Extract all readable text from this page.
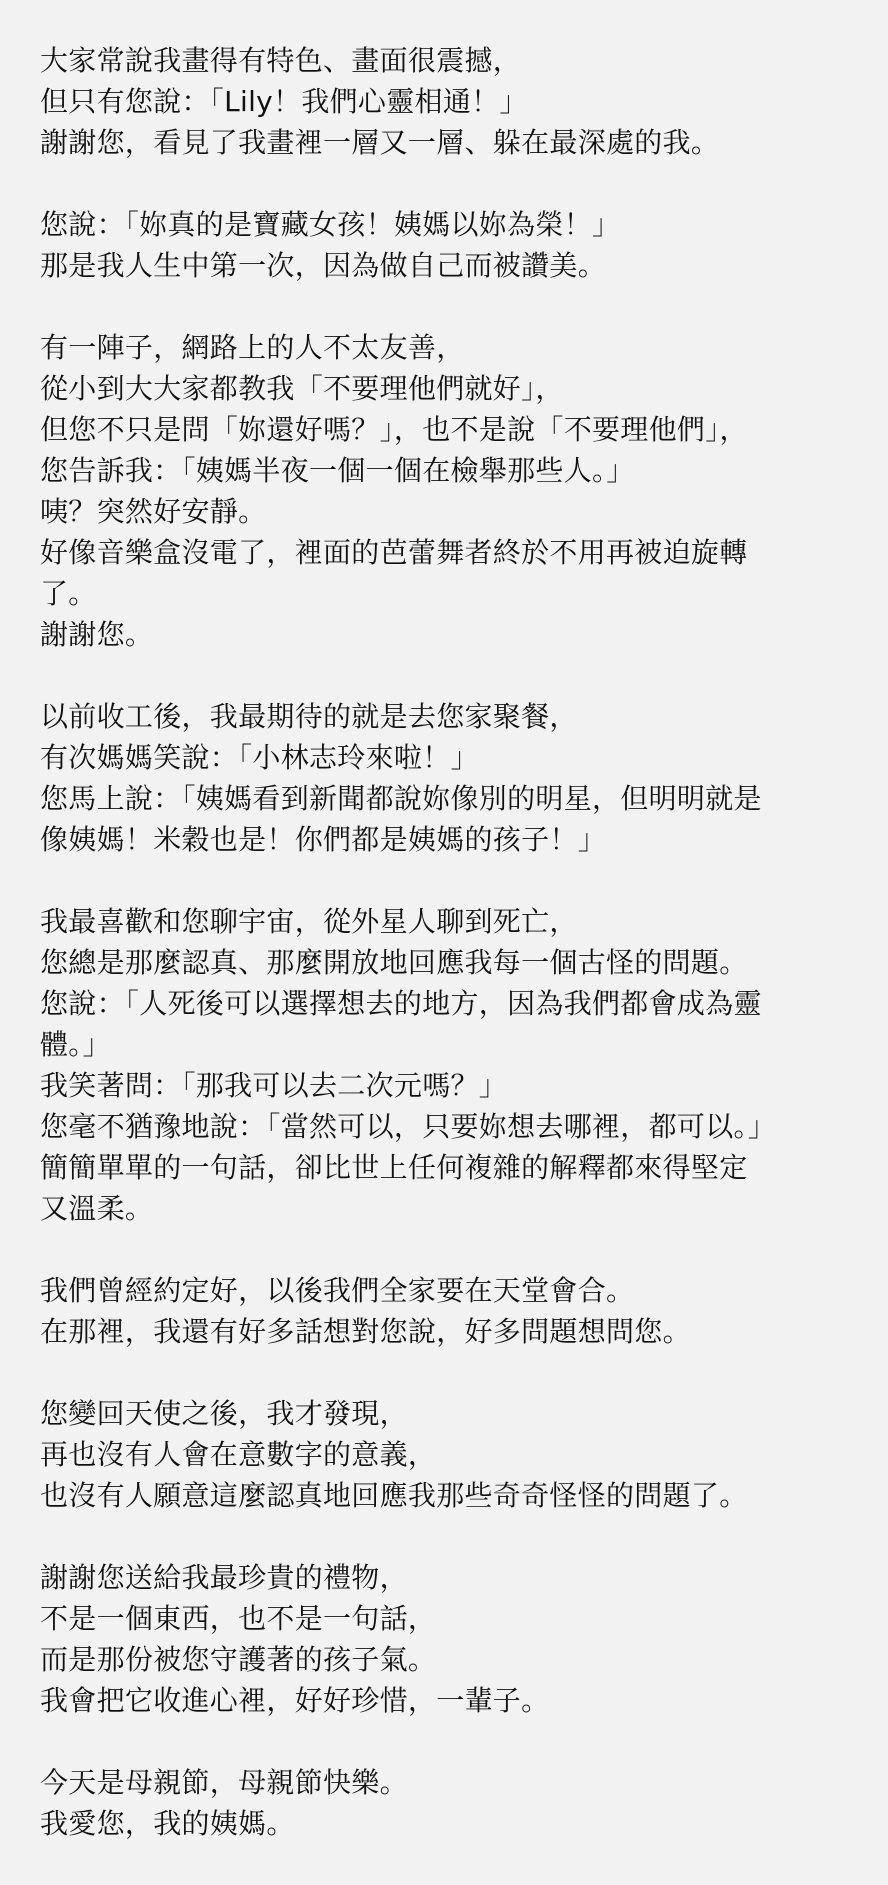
大家常說我畫得有特色、畫面很震撼，
但只有您說：「Lily！我們心靈相通！」
謝謝您，看見了我畫裡一層又一層、躲在最深處的我。
您說：「妳真的是寶藏女孩！姨媽以妳為榮！」
那是我人生中第一次，因為做自己而被讚美。
有一陣子，網路上的人不太友善，
從小到大大家都教我「不要理他們就好」，
但您不只是問「妳還好嗎？」，也不是說「不要理他們」，
您告訴我：「姨媽半夜一個一個在檢舉那些人。」
咦？突然好安靜。
好像音樂盒沒電了，裡面的芭蕾舞者終於不用再被迫旋轉
了。
謝謝您。
以前收工後，我最期待的就是去您家聚餐，
有次媽媽笑說：「小林志玲來啦！」
您馬上說：「姨媽看到新聞都說妳像別的明星，但明明就是
像姨媽！米穀也是！你們都是姨媽的孩子！」
我最喜歡和您聊宇宙，從外星人聊到死亡，
您總是那麼認真、那麼開放地回應我每一個古怪的問題。
您說：「人死後可以選擇想去的地方，因為我們都會成為靈
體。」
我笑著問：「那我可以去二次元嗎？」
您毫不猶豫地說：「當然可以，只要妳想去哪裡，都可以。」
簡簡單單的一句話，卻比世上任何複雜的解釋都來得堅定
又溫柔。
我們曾經約定好，以後我們全家要在天堂會合。
在那裡，我還有好多話想對您說，好多問題想問您。
您變回天使之後，我才發現，
再也沒有人會在意數字的意義，
也沒有人願意這麼認真地回應我那些奇奇怪怪的問題了。
謝謝您送給我最珍貴的禮物，
不是一個東西，也不是一句話，
而是那份被您守護著的孩子氣。
我會把它收進心裡，好好珍惜，一輩子。
今天是母親節，母親節快樂。
我愛您，我的姨媽。
